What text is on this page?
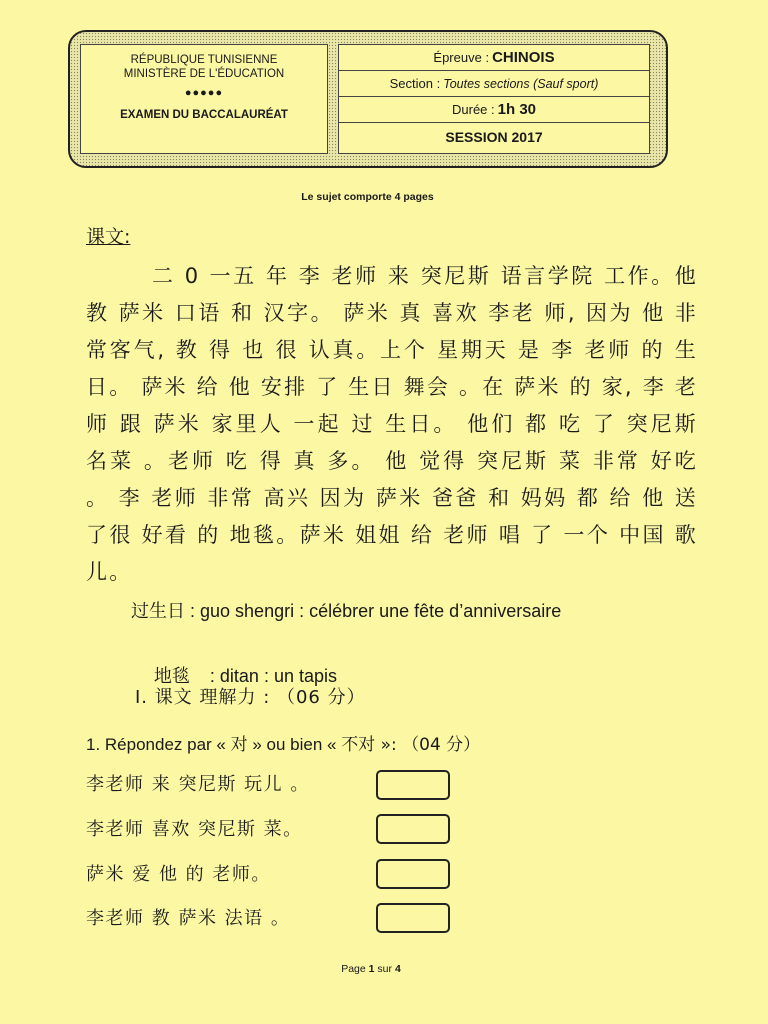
RÉPUBLIQUE TUNISIENNE
MINISTÈRE DE L'ÉDUCATION
●●●●●
EXAMEN DU BACCALAURÉAT
Épreuve : CHINOIS
Section : Toutes sections (Sauf sport)
Durée : 1h 30
SESSION 2017
Le sujet comporte 4 pages
课文:
二 0 一五 年 李 老师 来 突尼斯 语言学院 工作。他 教 萨米 口语 和 汉字。 萨米 真 喜欢 李老 师, 因为 他 非常客气, 教 得 也 很 认真。上个 星期天 是 李 老师 的 生日。 萨米 给 他 安排 了 生日 舞会 。在 萨米 的 家, 李 老师 跟 萨米 家里人 一起 过 生日。 他们 都 吃 了 突尼斯 名菜 。老师 吃 得 真 多。 他 觉得 突尼斯 菜 非常 好吃 。 李 老师 非常 高兴 因为 萨米 爸爸 和 妈妈 都 给 他 送 了很 好看 的 地毯。萨米 姐姐 给 老师 唱 了 一个 中国 歌儿。
过生日 : guo shengri : célébrer une fête d’anniversaire

地毯    : ditan : un tapis

Ⅰ. 课文 理解力 : （06 分）
1. Répondez par « 对 » ou bien « 不对 »: （04 分）
李老师 来 突尼斯 玩儿 。
李老师 喜欢 突尼斯 菜。
萨米 爱 他 的 老师。
李老师 教 萨米 法语 。
Page 1 sur 4
